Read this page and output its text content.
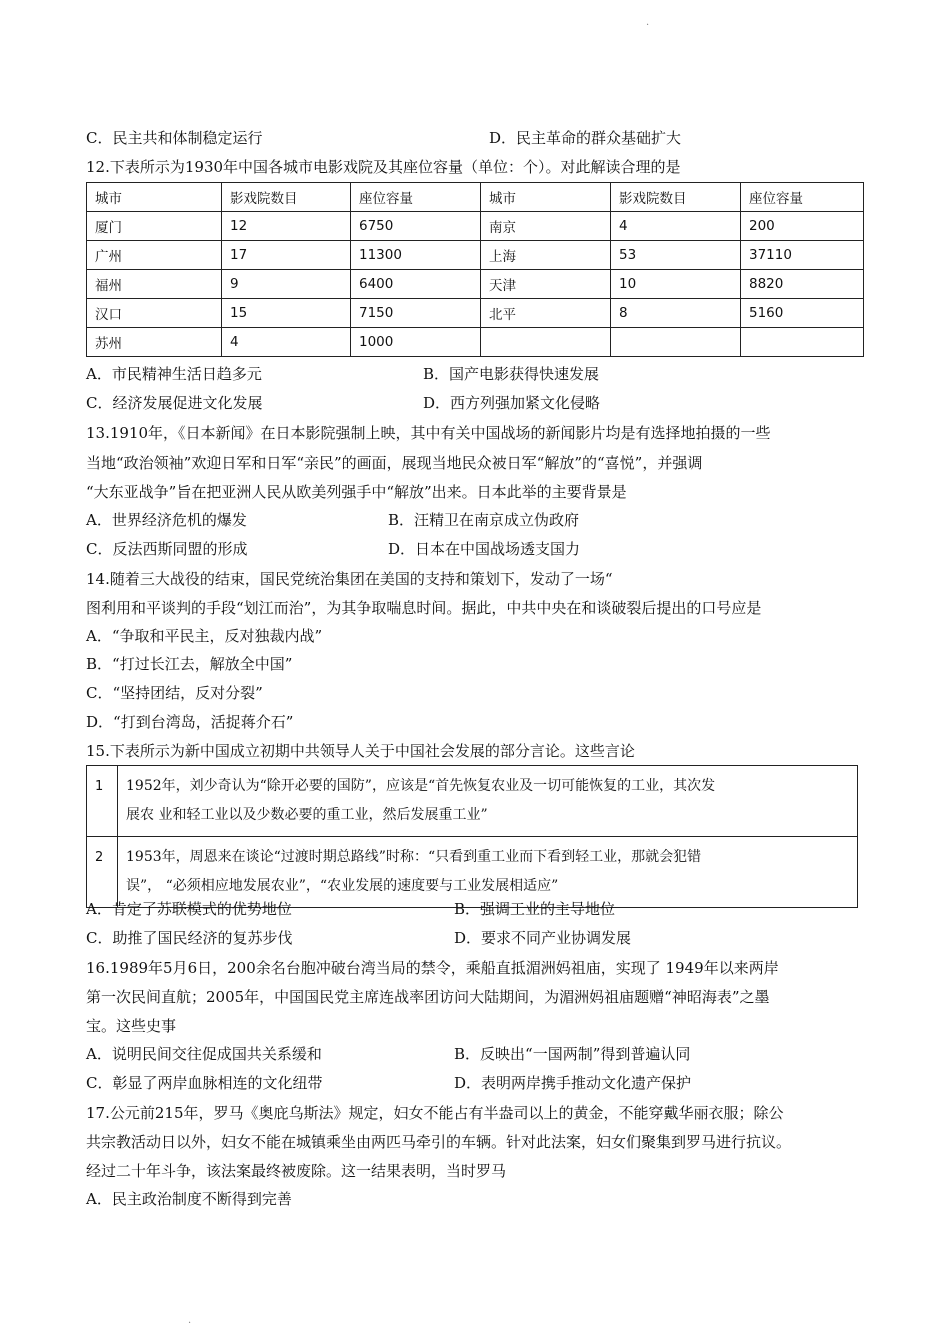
·
C．民主共和体制稳定运行	D．民主革命的群众基础扩大
12.下表所示为1930年中国各城市电影戏院及其座位容量（单位：个）。对此解读合理的是
城市	影戏院数目	座位容量	城市	影戏院数目	座位容量
厦门	12	6750	南京	4	200
广州	17	11300	上海	53	37110
福州	9	6400	天津	10	8820
汉口	15	7150	北平	8	5160
苏州	4	1000			
A．市民精神生活日趋多元	B．国产电影获得快速发展
C．经济发展促进文化发展	D．西方列强加紧文化侵略
13.1910年，《日本新闻》在日本影院强制上映，其中有关中国战场的新闻影片均是有选择地拍摄的一些
当地“政治领袖”欢迎日军和日军“亲民”的画面，展现当地民众被日军“解放”的“喜悦”，并强调
“大东亚战争”旨在把亚洲人民从欧美列强手中“解放”出来。日本此举的主要背景是
A．世界经济危机的爆发	B．汪精卫在南京成立伪政府
C．反法西斯同盟的形成	D．日本在中国战场透支国力
14.随着三大战役的结束，国民党统治集团在美国的支持和策划下，发动了一场“
图利用和平谈判的手段“划江而治”，为其争取喘息时间。据此，中共中央在和谈破裂后提出的口号应是
A．“争取和平民主，反对独裁内战”
B．“打过长江去，解放全中国”
C．“坚持团结，反对分裂”
D．“打到台湾岛，活捉蒋介石”
15.下表所示为新中国成立初期中共领导人关于中国社会发展的部分言论。这些言论
1	1952年，刘少奇认为“除开必要的国防”，应该是“首先恢复农业及一切可能恢复的工业，其次发
展农 业和轻工业以及少数必要的重工业，然后发展重工业”

2	1953年，周恩来在谈论“过渡时期总路线”时称：“只看到重工业而下看到轻工业，那就会犯错
误”， “必须相应地发展农业”，“农业发展的速度要与工业发展相适应”
A．肯定了苏联模式的优势地位	B．强调工业的主导地位
C．助推了国民经济的复苏步伐	D．要求不同产业协调发展
16.1989年5月6日，200余名台胞冲破台湾当局的禁令，乘船直抵湄洲妈祖庙，实现了 1949年以来两岸
第一次民间直航；2005年，中国国民党主席连战率团访问大陆期间，为湄洲妈祖庙题赠“神昭海表”之墨
宝。这些史事
A．说明民间交往促成国共关系缓和	B．反映出“一国两制”得到普遍认同
C．彰显了两岸血脉相连的文化纽带	D．表明两岸携手推动文化遗产保护
17.公元前215年，罗马《奥庇乌斯法》规定，妇女不能占有半盎司以上的黄金，不能穿戴华丽衣服；除公
共宗教活动日以外，妇女不能在城镇乘坐由两匹马牵引的车辆。针对此法案，妇女们聚集到罗马进行抗议。
经过二十年斗争，该法案最终被废除。这一结果表明，当时罗马
A．民主政治制度不断得到完善
·
